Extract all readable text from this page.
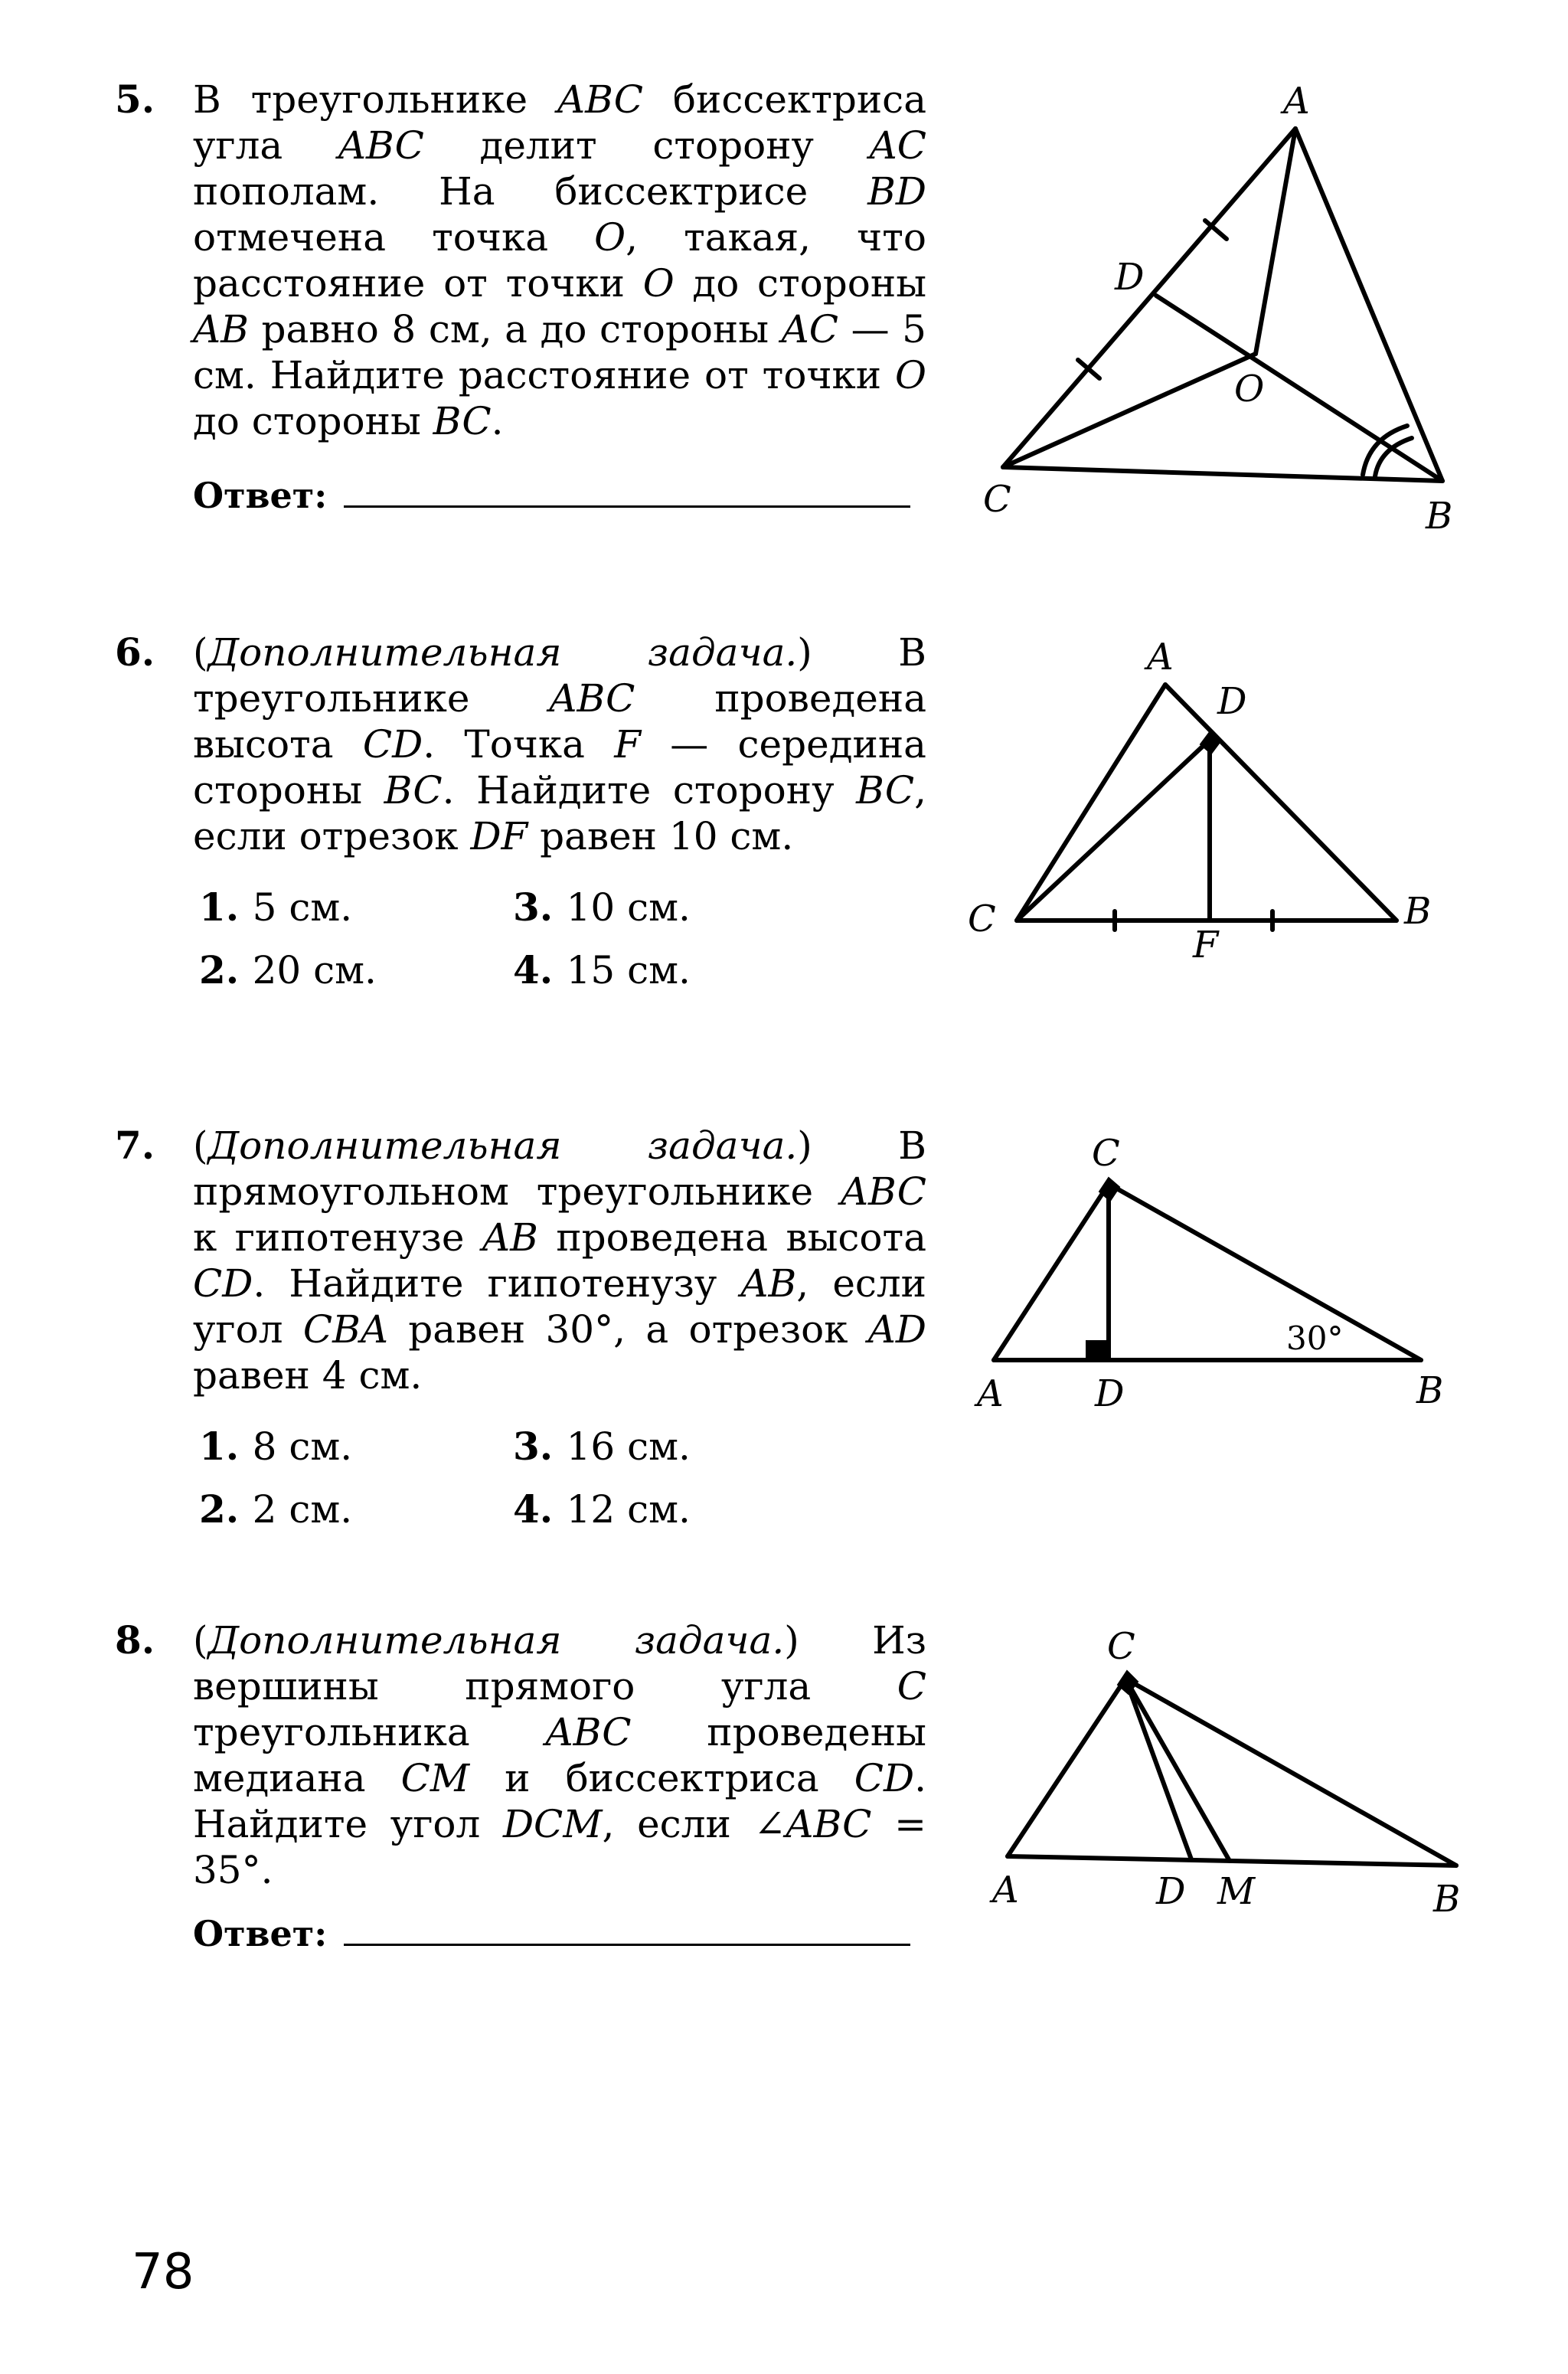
5. В треугольнике ABC биссектриса угла ABC делит сторону AC пополам. На биссектрисе BD отмечена точка O, такая, что расстояние от точки O до стороны AB равно 8 см, а до стороны AC — 5 см. Найдите расстояние от точки O до стороны BC.

Ответ:
A
B
C
D
O

6. (Дополнительная задача.) В треугольнике ABC проведена высота CD. Точка F — середина стороны BC. Найдите сторону BC, если отрезок DF равен 10 см.

1. 5 см.	3. 10 см.
2. 20 см.	4. 15 см.
A
D
C	B
F

7. (Дополнительная задача.) В прямоугольном треугольнике ABC к гипотенузе AB проведена высота CD. Найдите гипотенузу AB, если угол CBA равен 30°, а отрезок AD равен 4 см.

1. 8 см.	3. 16 см.
2. 2 см.	4. 12 см.
C
A D	B
30°

8. (Дополнительная задача.) Из вершины прямого угла C треугольника ABC проведены медиана CM и биссектриса CD. Найдите угол DCM, если ∠ABC = 35°.

Ответ:
C
A	D M	B
78
